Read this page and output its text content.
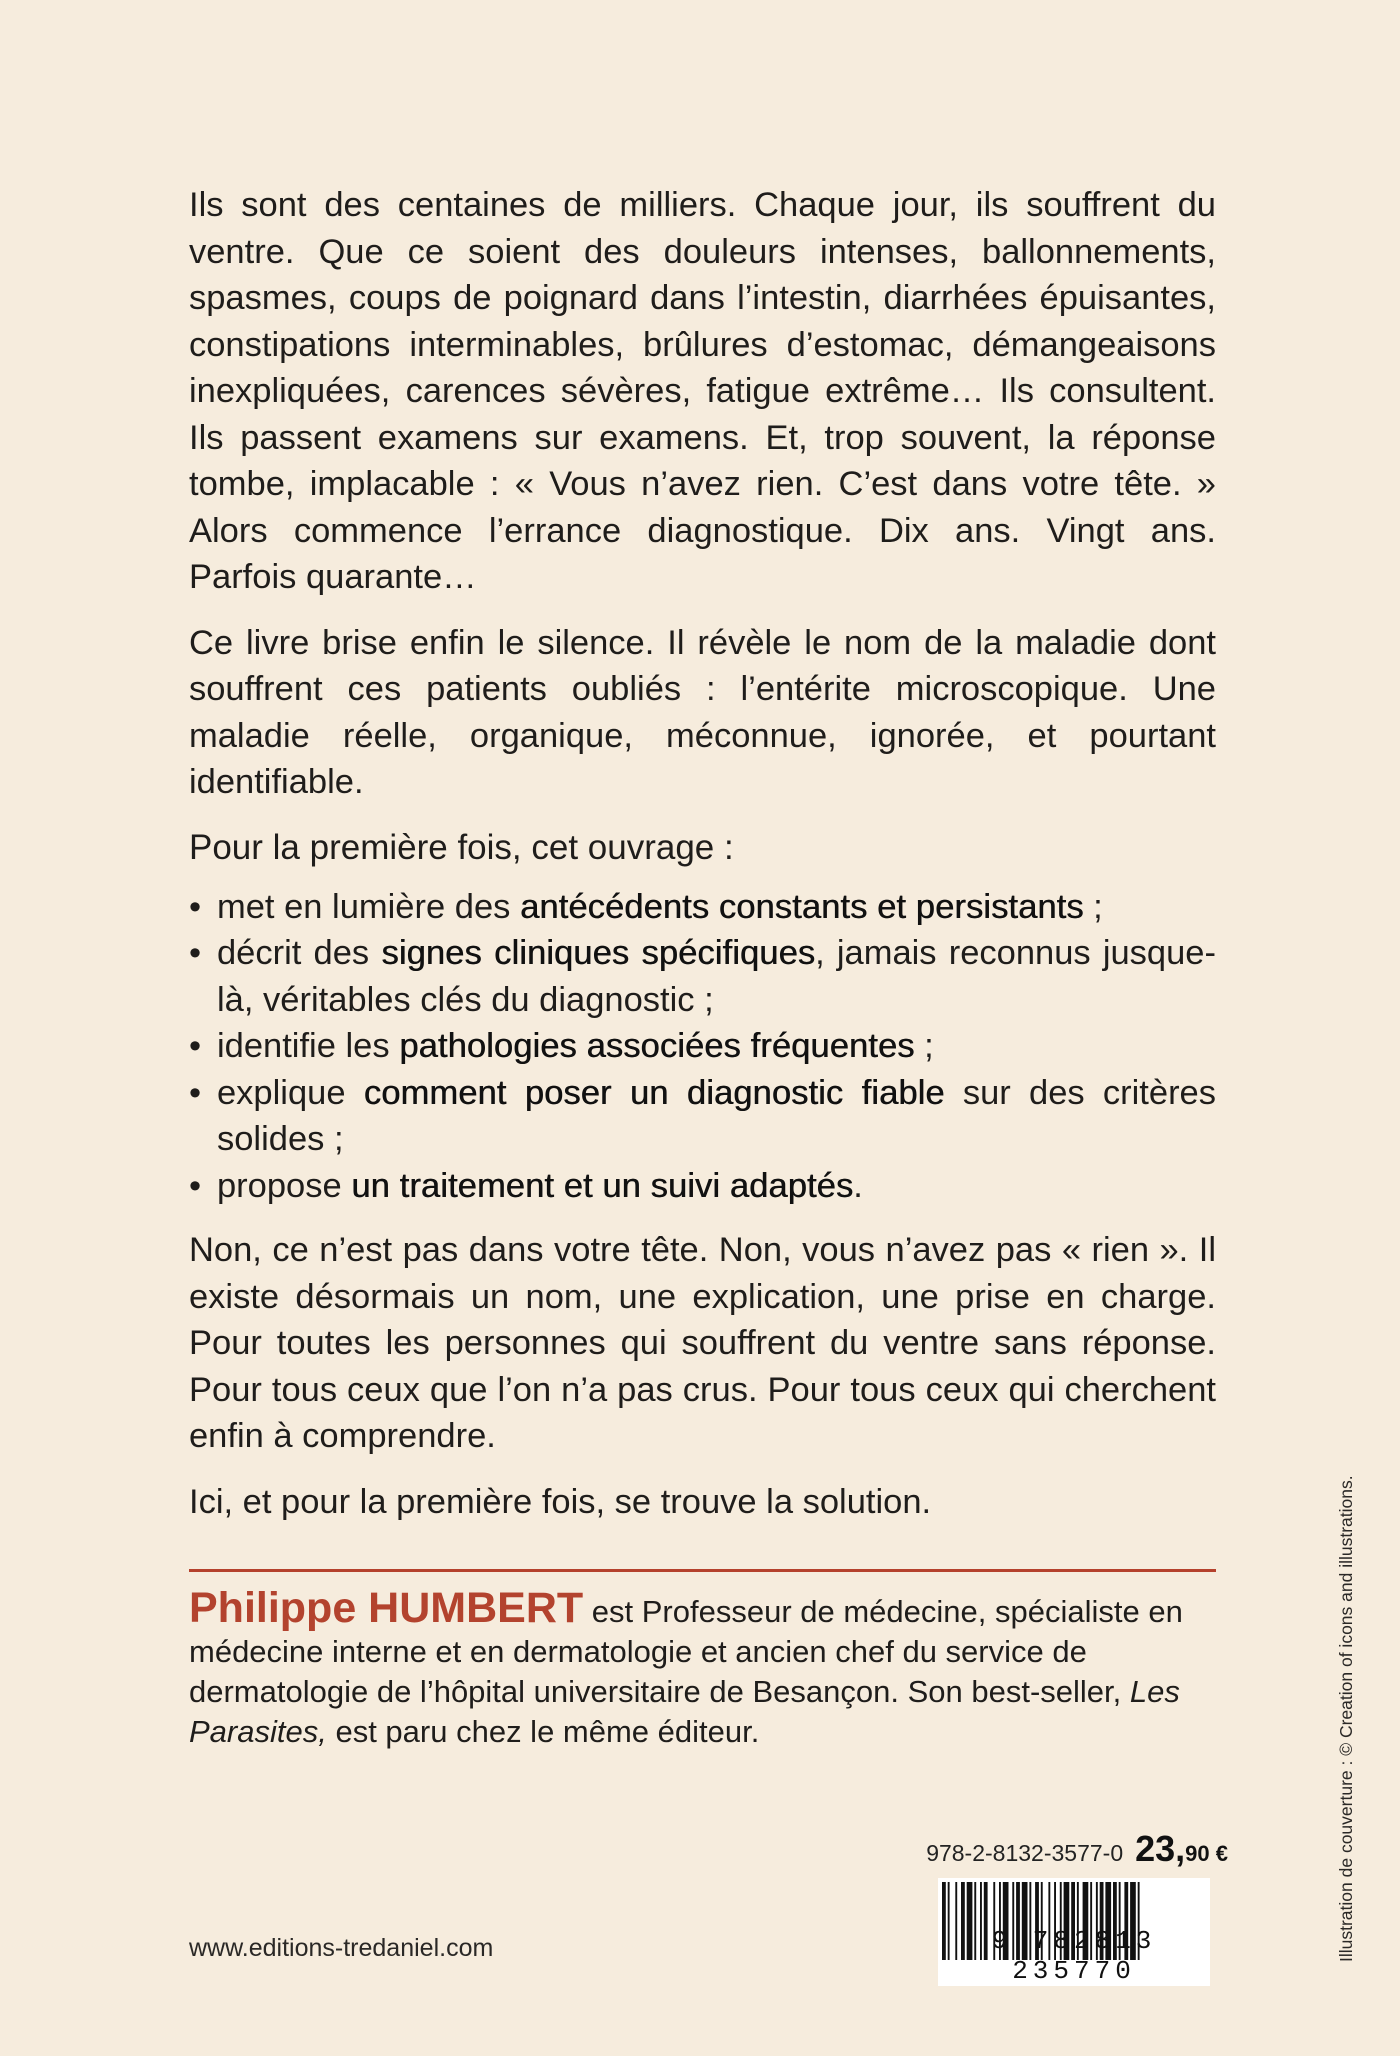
Ils sont des centaines de milliers. Chaque jour, ils souffrent du ventre. Que ce soient des douleurs intenses, ballonnements, spasmes, coups de poignard dans l’intestin, diarrhées épuisantes, constipations interminables, brûlures d’estomac, démangeaisons inexpliquées, carences sévères, fatigue extrême… Ils consultent. Ils passent examens sur examens. Et, trop souvent, la réponse tombe, implacable : « Vous n’avez rien. C’est dans votre tête. » Alors commence l’errance diagnostique. Dix ans. Vingt ans. Parfois quarante…

Ce livre brise enfin le silence. Il révèle le nom de la maladie dont souffrent ces patients oubliés : l’entérite microscopique. Une maladie réelle, organique, méconnue, ignorée, et pourtant identifiable.

Pour la première fois, cet ouvrage :

• met en lumière des antécédents constants et persistants ;
• décrit des signes cliniques spécifiques, jamais reconnus jusque-là, véritables clés du diagnostic ;
• identifie les pathologies associées fréquentes ;
• explique comment poser un diagnostic fiable sur des critères solides ;
• propose un traitement et un suivi adaptés.

Non, ce n’est pas dans votre tête. Non, vous n’avez pas « rien ». Il existe désormais un nom, une explication, une prise en charge. Pour toutes les personnes qui souffrent du ventre sans réponse. Pour tous ceux que l’on n’a pas crus. Pour tous ceux qui cherchent enfin à comprendre.

Ici, et pour la première fois, se trouve la solution.

Philippe HUMBERT est Professeur de médecine, spécialiste en médecine interne et en dermatologie et ancien chef du service de dermatologie de l’hôpital universitaire de Besançon. Son best-seller, Les Parasites, est paru chez le même éditeur.

www.editions-tredaniel.com
978-2-8132-3577-0 23,90 €
9 782813 235770
Illustration de couverture : © Creation of icons and illustrations.
